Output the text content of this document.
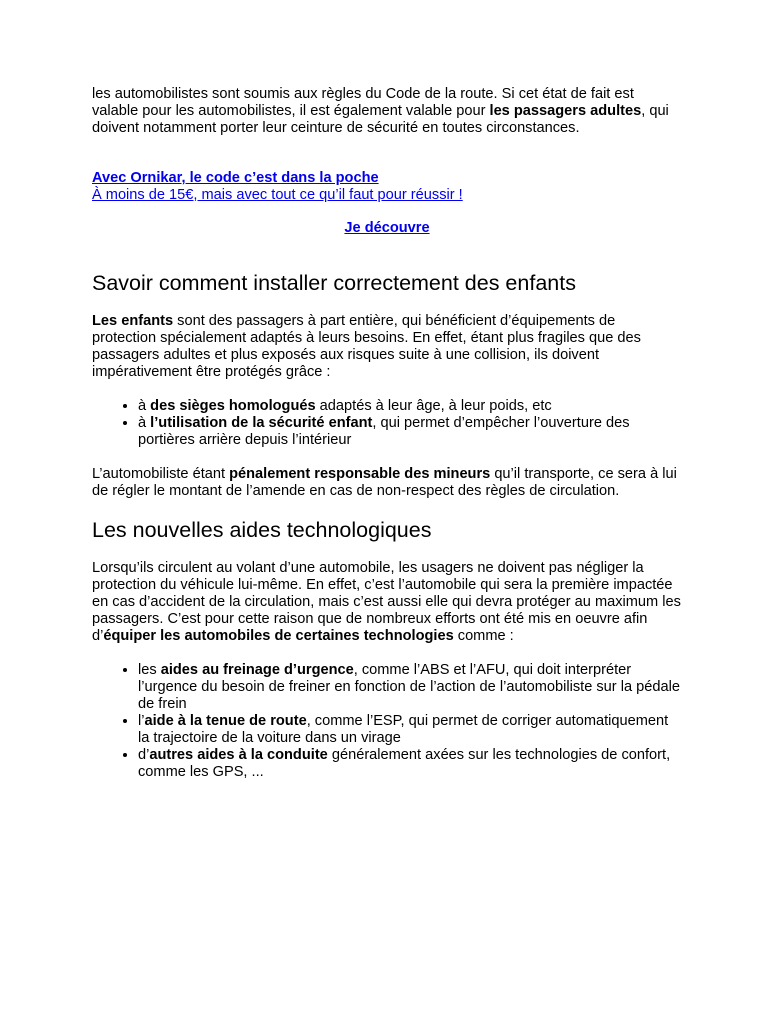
les automobilistes sont soumis aux règles du Code de la route. Si cet état de fait est valable pour les automobilistes, il est également valable pour les passagers adultes, qui doivent notamment porter leur ceinture de sécurité en toutes circonstances.

Avec Ornikar, le code c’est dans la poche
À moins de 15€, mais avec tout ce qu’il faut pour réussir !
Je découvre
Savoir comment installer correctement des enfants

Les enfants sont des passagers à part entière, qui bénéficient d’équipements de protection spécialement adaptés à leurs besoins. En effet, étant plus fragiles que des passagers adultes et plus exposés aux risques suite à une collision, ils doivent impérativement être protégés grâce :

• à des sièges homologués adaptés à leur âge, à leur poids, etc
• à l’utilisation de la sécurité enfant, qui permet d’empêcher l’ouverture des portières arrière depuis l’intérieur

L’automobiliste étant pénalement responsable des mineurs qu’il transporte, ce sera à lui de régler le montant de l’amende en cas de non-respect des règles de circulation.

Les nouvelles aides technologiques

Lorsqu’ils circulent au volant d’une automobile, les usagers ne doivent pas négliger la protection du véhicule lui-même. En effet, c’est l’automobile qui sera la première impactée en cas d’accident de la circulation, mais c’est aussi elle qui devra protéger au maximum les passagers. C’est pour cette raison que de nombreux efforts ont été mis en oeuvre afin d’équiper les automobiles de certaines technologies comme :

• les aides au freinage d’urgence, comme l’ABS et l’AFU, qui doit interpréter l’urgence du besoin de freiner en fonction de l’action de l’automobiliste sur la pédale de frein
• l’aide à la tenue de route, comme l’ESP, qui permet de corriger automatiquement la trajectoire de la voiture dans un virage
• d’autres aides à la conduite généralement axées sur les technologies de confort, comme les GPS, ...
